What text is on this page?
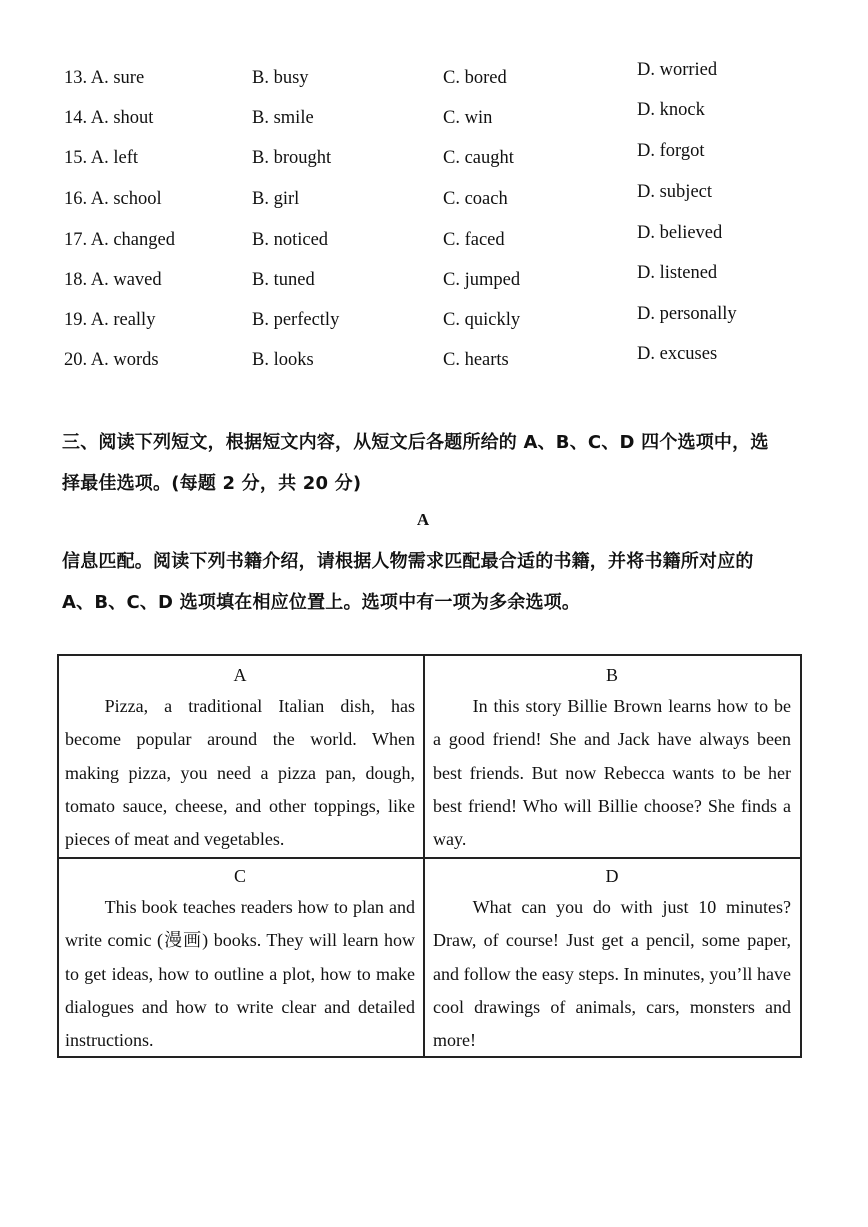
13. A. sure	B. busy	C. bored	D. worried
14. A. shout	B. smile	C. win	D. knock
15. A. left	B. brought	C. caught	D. forgot
16. A. school	B. girl	C. coach	D. subject
17. A. changed	B. noticed	C. faced	D. believed
18. A. waved	B. tuned	C. jumped	D. listened
19. A. really	B. perfectly	C. quickly	D. personally
20. A. words	B. looks	C. hearts	D. excuses
三、阅读下列短文，根据短文内容，从短文后各题所给的 A、B、C、D 四个选项中，选
择最佳选项。(每题 2 分，共 20 分)
A
信息匹配。阅读下列书籍介绍，请根据人物需求匹配最合适的书籍，并将书籍所对应的
A、B、C、D 选项填在相应位置上。选项中有一项为多余选项。
A
Pizza, a traditional Italian dish, has become popular around the world. When making pizza, you need a pizza pan, dough, tomato sauce, cheese, and other toppings, like pieces of meat and vegetables.
B
In this story Billie Brown learns how to be a good friend! She and Jack have always been best friends. But now Rebecca wants to be her best friend! Who will Billie choose? She finds a way.
C
This book teaches readers how to plan and write comic (漫画) books. They will learn how to get ideas, how to outline a plot, how to make dialogues and how to write clear and detailed instructions.
D
What can you do with just 10 minutes? Draw, of course! Just get a pencil, some paper, and follow the easy steps. In minutes, you’ll have cool drawings of animals, cars, monsters and more!
